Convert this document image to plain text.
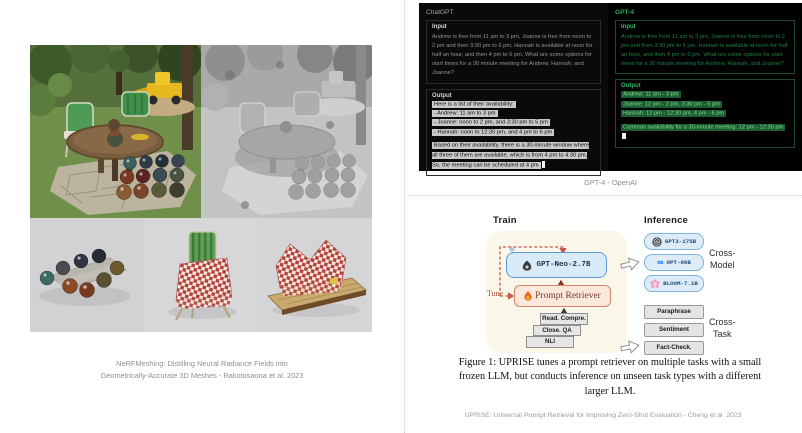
NeRFMeshing: Distilling Neural Radiance Fields into
Geometrically-Accurate 3D Meshes - Rakotosaona et al. 2023
ChatGPT
Input
Andrew is free from 11 am to 3 pm, Joanne is free from noon to 2 pm and then 3:30 pm to 5 pm. Hannah is available at noon for half an hour, and then 4 pm to 6 pm. What are some options for start times for a 30 minute meeting for Andrew, Hannah, and Joanne?
Output
Here is a list of their availability:
- Andrew: 11 am to 3 pm
- Joanne: noon to 2 pm, and 3:30 pm to 5 pm
- Hannah: noon to 12:30 pm, and 4 pm to 6 pm
Based on their availability, there is a 30-minute window where all three of them are available, which is from 4 pm to 4:30 pm. So, the meeting can be scheduled at 4 pm
GPT-4
Input
Andrew is free from 11 am to 3 pm, Joanne is free from noon to 2 pm and then 3:30 pm to 5 pm. Hannah is available at noon for half an hour, and then 4 pm to 6 pm. What are some options for start times for a 30 minute meeting for Andrew, Hannah, and Joanne?
Output
Andrew: 11 am - 3 pm
Joanne: 12 pm - 2 pm, 3:30 pm - 5 pm
Hannah: 12 pm - 12:30 pm, 4 pm - 6 pm
Common availability for a 30-minute meeting: 12 pm - 12:30 pm
GPT-4 - OpenAI
Train	Inference
❄
GPT-Neo-2.7B
Tune	Prompt Retriever
Read. Compre.
Close. QA
NLI
GPT3-175B
∞ OPT-66B
BLOOM-7.1B
Cross-
Model
Paraphrase
Sentiment
Fact-Check.
Cross-
Task
Figure 1: UPRISE tunes a prompt retriever on multiple tasks with a small frozen LLM, but conducts inference on unseen task types with a different larger LLM.
UPRISE: Universal Prompt Retrieval for Improving Zero-Shot Evaluation - Cheng et al. 2023
